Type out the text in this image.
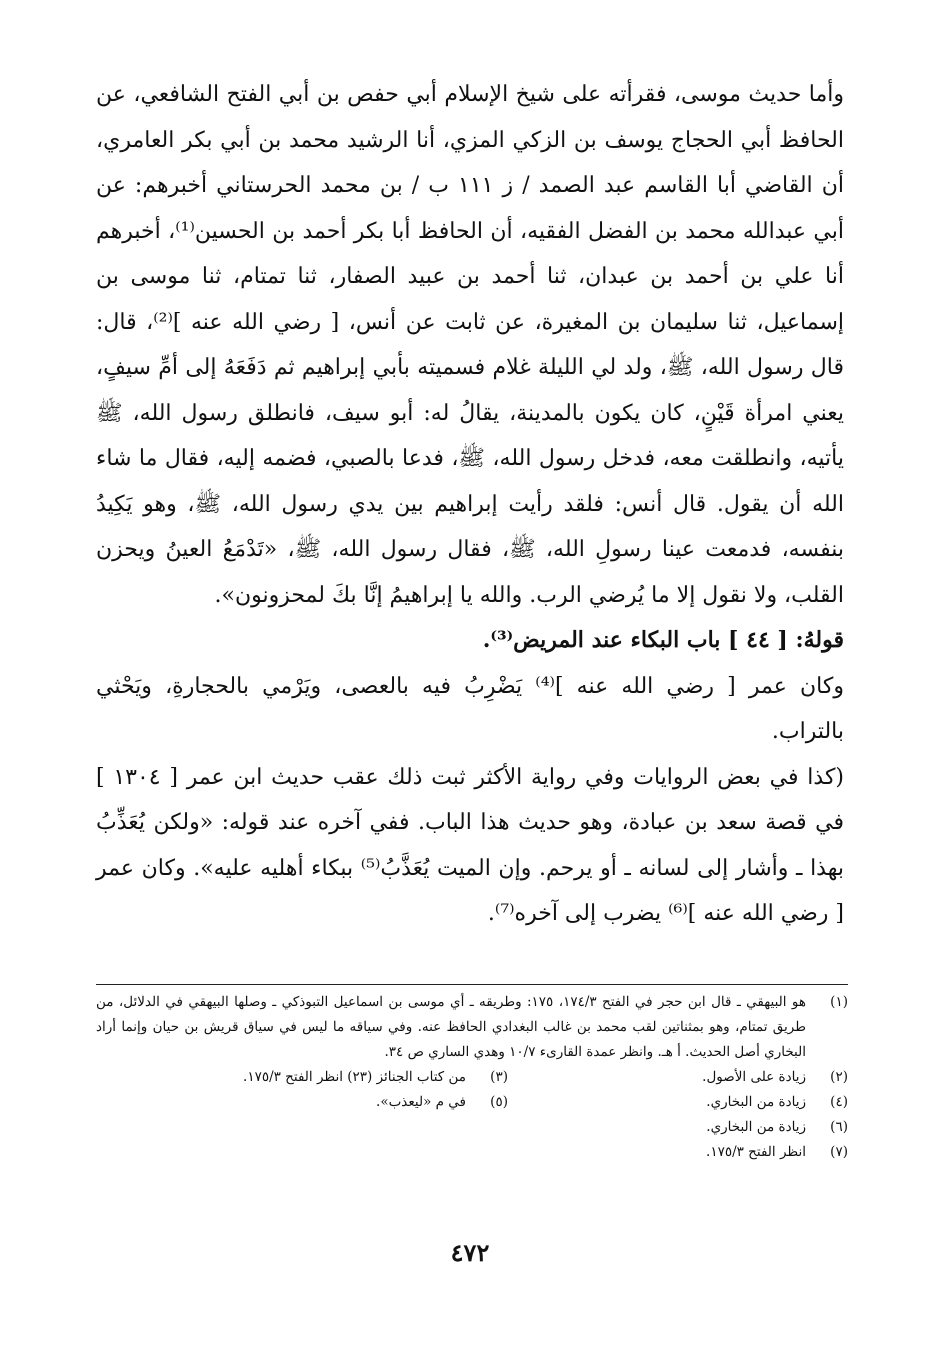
وأما حديث موسى، فقرأته على شيخ الإسلام أبي حفص بن أبي الفتح الشافعي، عن الحافظ أبي الحجاج يوسف بن الزكي المزي، أنا الرشيد محمد بن أبي بكر العامري، أن القاضي أبا القاسم عبد الصمد / ز ١١١ ب / بن محمد الحرستاني أخبرهم: عن أبي عبدالله محمد بن الفضل الفقيه، أن الحافظ أبا بكر أحمد بن الحسين⁽¹⁾، أخبرهم أنا علي بن أحمد بن عبدان، ثنا أحمد بن عبيد الصفار، ثنا تمتام، ثنا موسى بن إسماعيل، ثنا سليمان بن المغيرة، عن ثابت عن أنس، [ رضي الله عنه ]⁽²⁾، قال: قال رسول الله، ﷺ، ولد لي الليلة غلام فسميته بأبي إبراهيم ثم دَفَعَهُ إلى أمِّ سيفٍ، يعني امرأة قَيْنٍ، كان يكون بالمدينة، يقالُ له: أبو سيف، فانطلق رسول الله، ﷺ يأتيه، وانطلقت معه، فدخل رسول الله، ﷺ، فدعا بالصبي، فضمه إليه، فقال ما شاء الله أن يقول. قال أنس: فلقد رأيت إبراهيم بين يدي رسول الله، ﷺ، وهو يَكِيدُ بنفسه، فدمعت عينا رسولِ الله، ﷺ، فقال رسول الله، ﷺ، «تَدْمَعُ العينُ ويحزن القلب، ولا نقول إلا ما يُرضي الرب. والله يا إبراهيمُ إنَّا بكَ لمحزونون».

قولهُ: [ ٤٤ ] باب البكاء عند المريض⁽³⁾.

وكان عمر [ رضي الله عنه ]⁽⁴⁾ يَضْرِبُ فيه بالعصى، ويَرْمي بالحجارةِ، ويَحْثي بالتراب.

(كذا في بعض الروايات وفي رواية الأكثر ثبت ذلك عقب حديث ابن عمر [ ١٣٠٤ ] في قصة سعد بن عبادة، وهو حديث هذا الباب. ففي آخره عند قوله: «ولكن يُعَذِّبُ بهذا ـ وأشار إلى لسانه ـ أو يرحم. وإن الميت يُعَذَّبُ⁽⁵⁾ ببكاء أهليه عليه». وكان عمر [ رضي الله عنه ]⁽⁶⁾ يضرب إلى آخره⁽⁷⁾.

(١)
هو البيهقي ـ قال ابن حجر في الفتح ١٧٤/٣، ١٧٥: وطريقه ـ أي موسى بن اسماعيل التبوذكي ـ وصلها البيهقي في الدلائل، من طريق تمتام، وهو بمثناتين لقب محمد بن غالب البغدادي الحافظ عنه. وفي سياقه ما ليس في سياق قريش بن حيان وإنما أراد البخاري أصل الحديث. أ هـ. وانظر عمدة القارىء ١٠/٧ وهدي الساري ص ٣٤.
(٢)
زيادة على الأصول.
(٣)
من كتاب الجنائز (٢٣) انظر الفتح ١٧٥/٣.
(٤)
زيادة من البخاري.
(٥)
في م «ليعذب».
(٦)
زيادة من البخاري.
(٧)
انظر الفتح ١٧٥/٣.
٤٧٢
